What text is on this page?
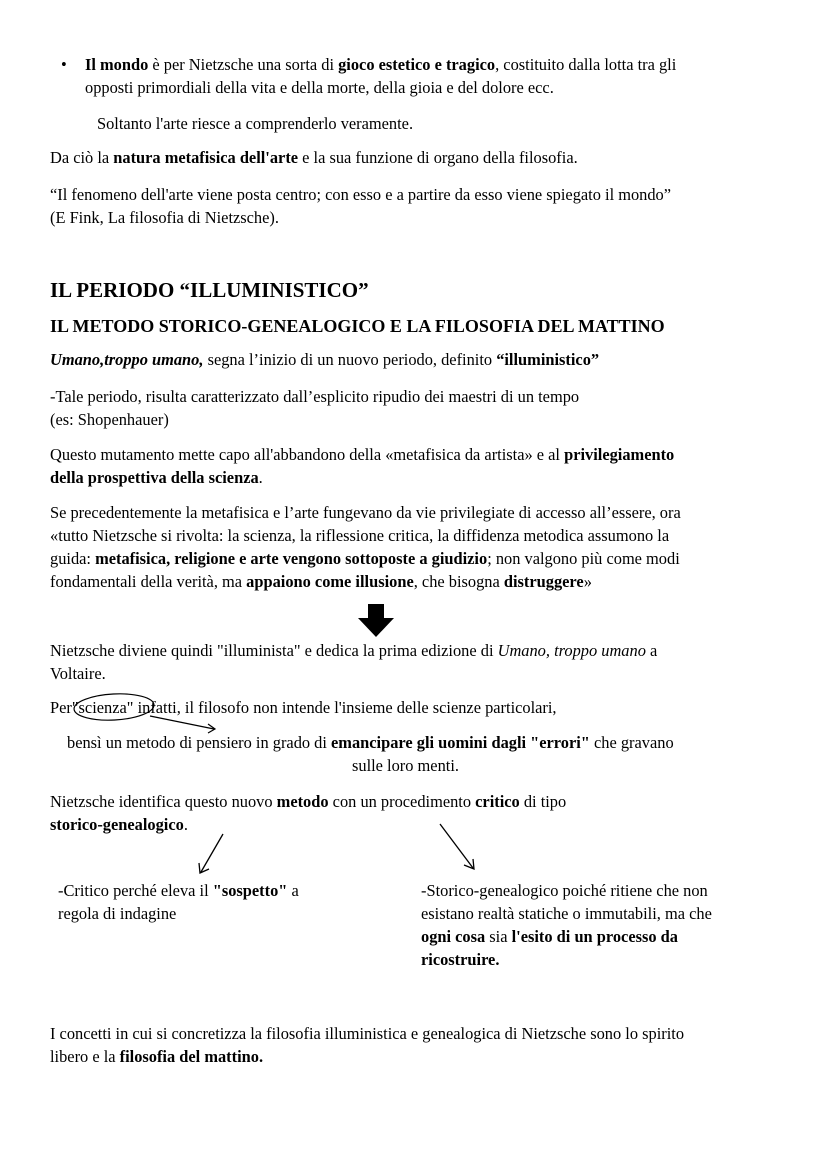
• Il mondo è per Nietzsche una sorta di gioco estetico e tragico, costituito dalla lotta tra gli
opposti primordiali della vita e della morte, della gioia e del dolore ecc.
Soltanto l'arte riesce a comprenderlo veramente.
Da ciò la natura metafisica dell'arte e la sua funzione di organo della filosofia.
“Il fenomeno dell'arte viene posta centro; con esso e a partire da esso viene spiegato il mondo”
(E Fink, La filosofia di Nietzsche).
IL PERIODO “ILLUMINISTICO”
IL METODO STORICO-GENEALOGICO E LA FILOSOFIA DEL MATTINO
Umano,troppo umano, segna l’inizio di un nuovo periodo, definito “illuministico”
-Tale periodo, risulta caratterizzato dall’esplicito ripudio dei maestri di un tempo
(es: Shopenhauer)
Questo mutamento mette capo all'abbandono della «metafisica da artista» e al privilegiamento
della prospettiva della scienza.
Se precedentemente la metafisica e l’arte fungevano da vie privilegiate di accesso all’essere, ora
«tutto Nietzsche si rivolta: la scienza, la riflessione critica, la diffidenza metodica assumono la
guida: metafisica, religione e arte vengono sottoposte a giudizio; non valgono più come modi
fondamentali della verità, ma appaiono come illusione, che bisogna distruggere»
Nietzsche diviene quindi "illuminista" e dedica la prima edizione di Umano, troppo umano a
Voltaire.
Per"scienza" infatti, il filosofo non intende l'insieme delle scienze particolari,
bensì un metodo di pensiero in grado di emancipare gli uomini dagli "errori" che gravano
sulle loro menti.
Nietzsche identifica questo nuovo metodo con un procedimento critico di tipo
storico-genealogico.
-Critico perché eleva il "sospetto" a
regola di indagine
-Storico-genealogico poiché ritiene che non
esistano realtà statiche o immutabili, ma che
ogni cosa sia l'esito di un processo da
ricostruire.
I concetti in cui si concretizza la filosofia illuministica e genealogica di Nietzsche sono lo spirito
libero e la filosofia del mattino.
